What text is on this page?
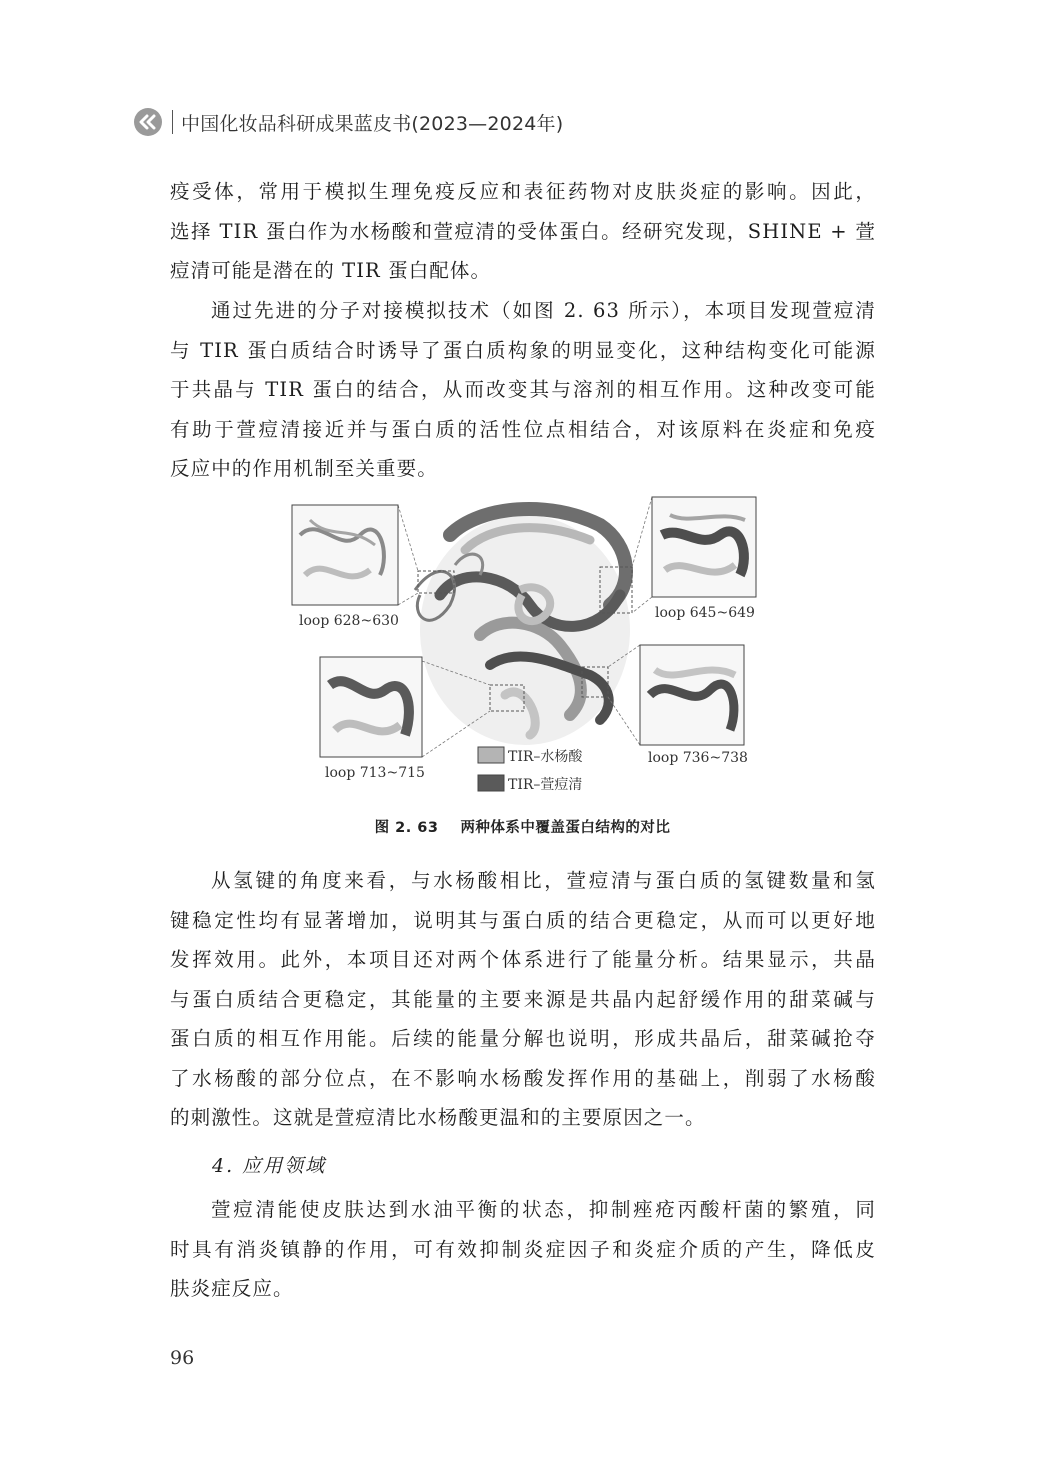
中国化妆品科研成果蓝皮书(2023—2024年)
疫受体，常用于模拟生理免疫反应和表征药物对皮肤炎症的影响。因此，
选择 TIR 蛋白作为水杨酸和萱痘清的受体蛋白。经研究发现，SHINE + 萱
痘清可能是潜在的 TIR 蛋白配体。
通过先进的分子对接模拟技术（如图 2. 63 所示），本项目发现萱痘清
与 TIR 蛋白质结合时诱导了蛋白质构象的明显变化，这种结构变化可能源
于共晶与 TIR 蛋白的结合，从而改变其与溶剂的相互作用。这种改变可能
有助于萱痘清接近并与蛋白质的活性位点相结合，对该原料在炎症和免疫
反应中的作用机制至关重要。
loop 628~630	loop 645~649
loop 713~715
loop 736~738
TIR–水杨酸
TIR–萱痘清
图 2. 63 两种体系中覆盖蛋白结构的对比
从氢键的角度来看，与水杨酸相比，萱痘清与蛋白质的氢键数量和氢
键稳定性均有显著增加，说明其与蛋白质的结合更稳定，从而可以更好地
发挥效用。此外，本项目还对两个体系进行了能量分析。结果显示，共晶
与蛋白质结合更稳定，其能量的主要来源是共晶内起舒缓作用的甜菜碱与
蛋白质的相互作用能。后续的能量分解也说明，形成共晶后，甜菜碱抢夺
了水杨酸的部分位点，在不影响水杨酸发挥作用的基础上，削弱了水杨酸
的刺激性。这就是萱痘清比水杨酸更温和的主要原因之一。
4. 应用领域
萱痘清能使皮肤达到水油平衡的状态，抑制痤疮丙酸杆菌的繁殖，同
时具有消炎镇静的作用，可有效抑制炎症因子和炎症介质的产生，降低皮
肤炎症反应。
96
